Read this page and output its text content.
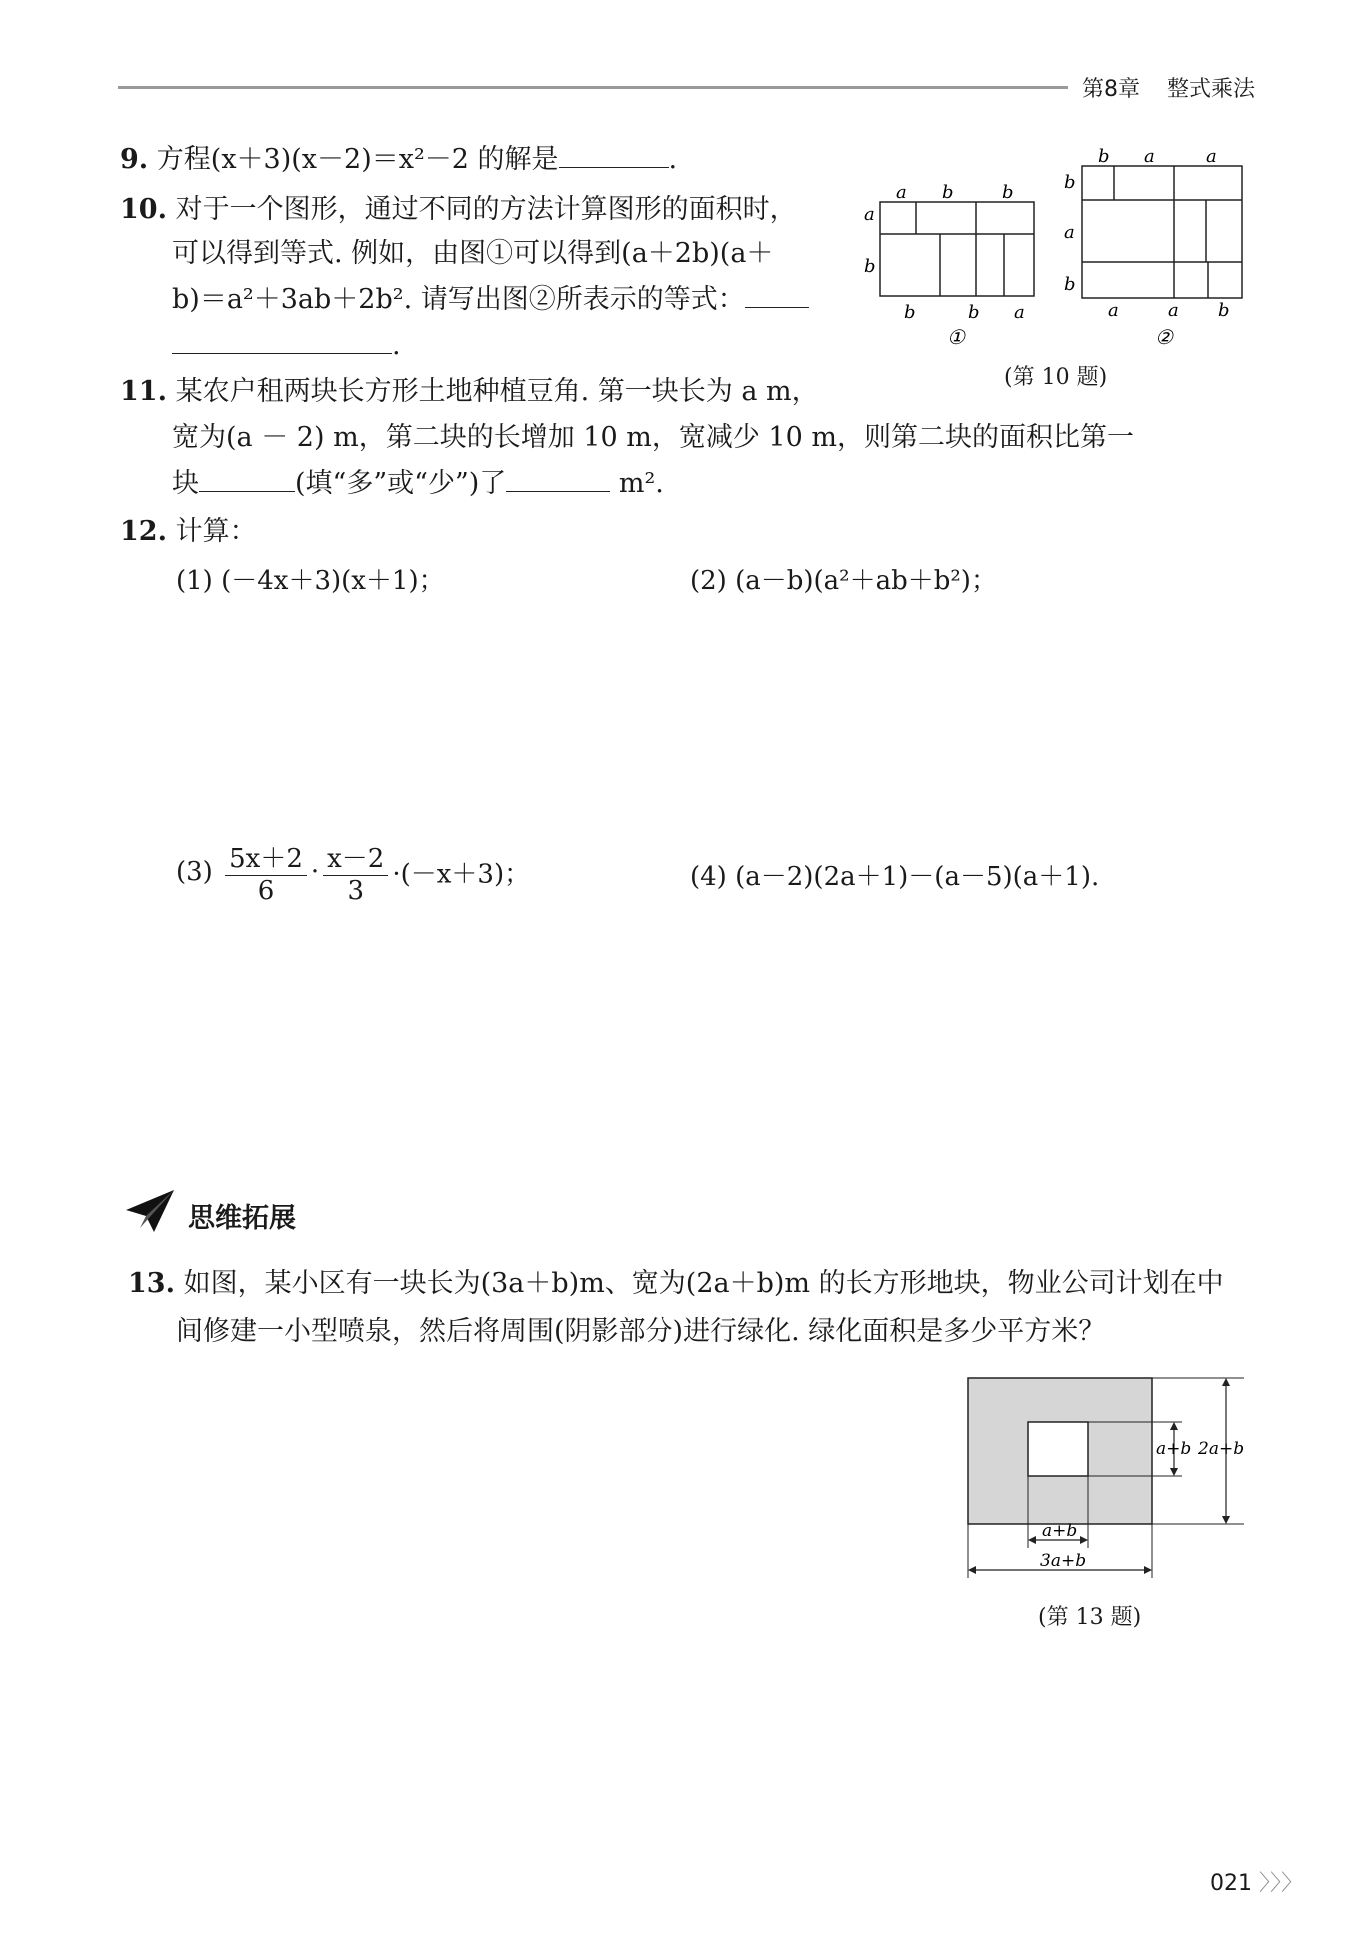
第8章 整式乘法
9. 方程(x＋3)(x－2)＝x²－2 的解是	.
10. 对于一个图形，通过不同的方法计算图形的面积时，
可以得到等式. 例如，由图①可以得到(a＋2b)(a＋
b)＝a²＋3ab＋2b². 请写出图②所表示的等式：
.
a b	b
a
b
b	b a
①
b a	a
b
a
b
a	a b
②
(第 10 题)
11. 某农户租两块长方形土地种植豆角. 第一块长为 a m，
宽为(a － 2) m，第二块的长增加 10 m，宽减少 10 m，则第二块的面积比第一
块	(填“多”或“少”)了	m².
12. 计算：
(1) (－4x＋3)(x＋1)；	(2) (a－b)(a²＋ab＋b²)；
$(3) \frac{5x+2}{6} \cdot \frac{x-2}{3} \cdot(-x+3)$；	(4) (a－2)(2a＋1)－(a－5)(a＋1).
思维拓展
13. 如图，某小区有一块长为(3a＋b)m、宽为(2a＋b)m 的长方形地块，物业公司计划在中
间修建一小型喷泉，然后将周围(阴影部分)进行绿化. 绿化面积是多少平方米？
a+b 2a+b
a+b
3a+b
(第 13 题)
021 〉〉〉
